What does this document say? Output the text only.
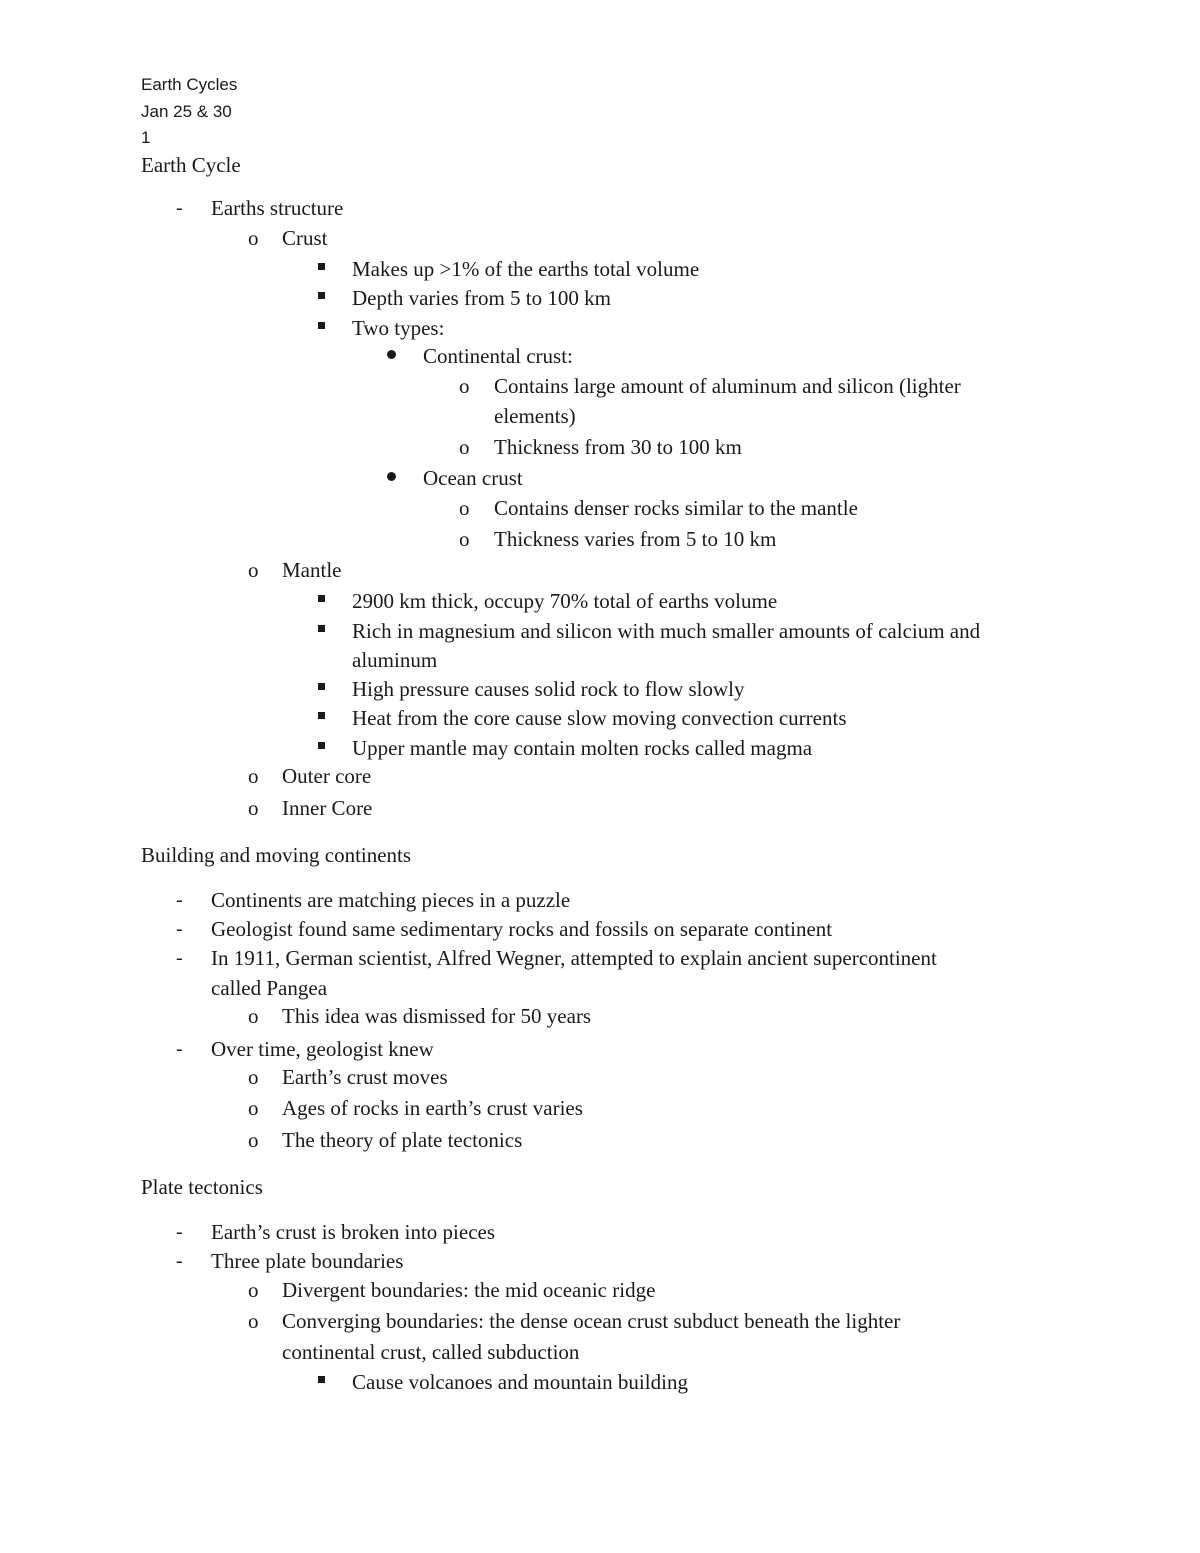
Earth Cycles
Jan 25 & 30
1
Earth Cycle
- Earths structure
o Crust
Makes up >1% of the earths total volume
Depth varies from 5 to 100 km
Two types:
Continental crust:
o Contains large amount of aluminum and silicon (lighter
elements)
o Thickness from 30 to 100 km
Ocean crust
o Contains denser rocks similar to the mantle
o Thickness varies from 5 to 10 km
o Mantle
2900 km thick, occupy 70% total of earths volume
Rich in magnesium and silicon with much smaller amounts of calcium and
aluminum
High pressure causes solid rock to flow slowly
Heat from the core cause slow moving convection currents
Upper mantle may contain molten rocks called magma
o Outer core
o Inner Core
Building and moving continents
- Continents are matching pieces in a puzzle
- Geologist found same sedimentary rocks and fossils on separate continent
- In 1911, German scientist, Alfred Wegner, attempted to explain ancient supercontinent
called Pangea
o This idea was dismissed for 50 years
- Over time, geologist knew
o Earth’s crust moves
o Ages of rocks in earth’s crust varies
o The theory of plate tectonics
Plate tectonics
- Earth’s crust is broken into pieces
- Three plate boundaries
o Divergent boundaries: the mid oceanic ridge
o Converging boundaries: the dense ocean crust subduct beneath the lighter
continental crust, called subduction
Cause volcanoes and mountain building
